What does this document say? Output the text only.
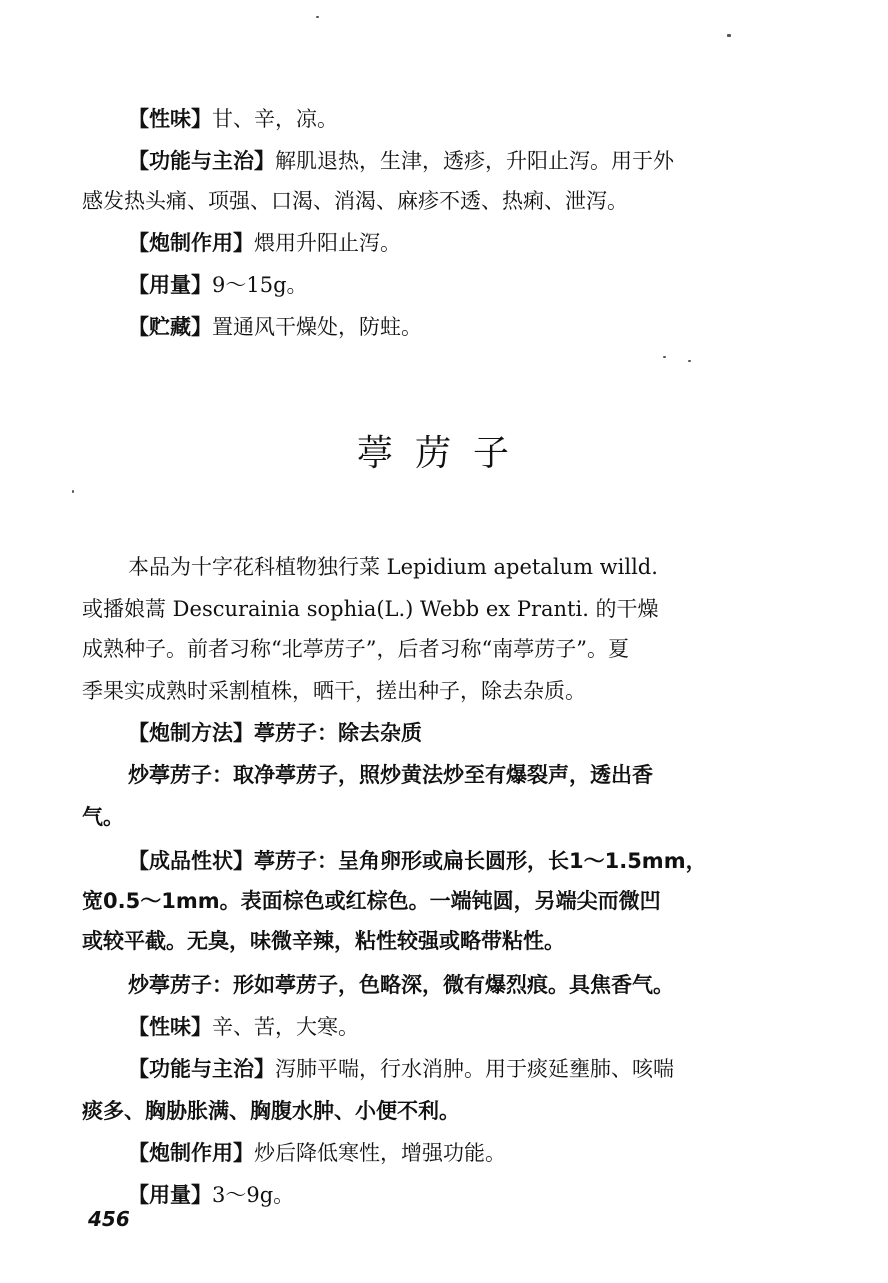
【性味】甘、辛，凉。
【功能与主治】解肌退热，生津，透疹，升阳止泻。用于外
感发热头痛、项强、口渴、消渴、麻疹不透、热痢、泄泻。
【炮制作用】煨用升阳止泻。
【用量】9～15g。
【贮藏】置通风干燥处，防蛀。
葶苈子
本品为十字花科植物独行菜 Lepidium apetalum willd.
或播娘蒿 Descurainia sophia(L.) Webb ex Pranti. 的干燥
成熟种子。前者习称“北葶苈子”，后者习称“南葶苈子”。夏
季果实成熟时采割植株，晒干，搓出种子，除去杂质。
【炮制方法】葶苈子：除去杂质
炒葶苈子：取净葶苈子，照炒黄法炒至有爆裂声，透出香
气。
【成品性状】葶苈子：呈角卵形或扁长圆形，长1～1.5mm，
宽0.5～1mm。表面棕色或红棕色。一端钝圆，另端尖而微凹
或较平截。无臭，味微辛辣，粘性较强或略带粘性。
炒葶苈子：形如葶苈子，色略深，微有爆烈痕。具焦香气。
【性味】辛、苦，大寒。
【功能与主治】泻肺平喘，行水消肿。用于痰延壅肺、咳喘
痰多、胸胁胀满、胸腹水肿、小便不利。
【炮制作用】炒后降低寒性，增强功能。
【用量】3～9g。
456
